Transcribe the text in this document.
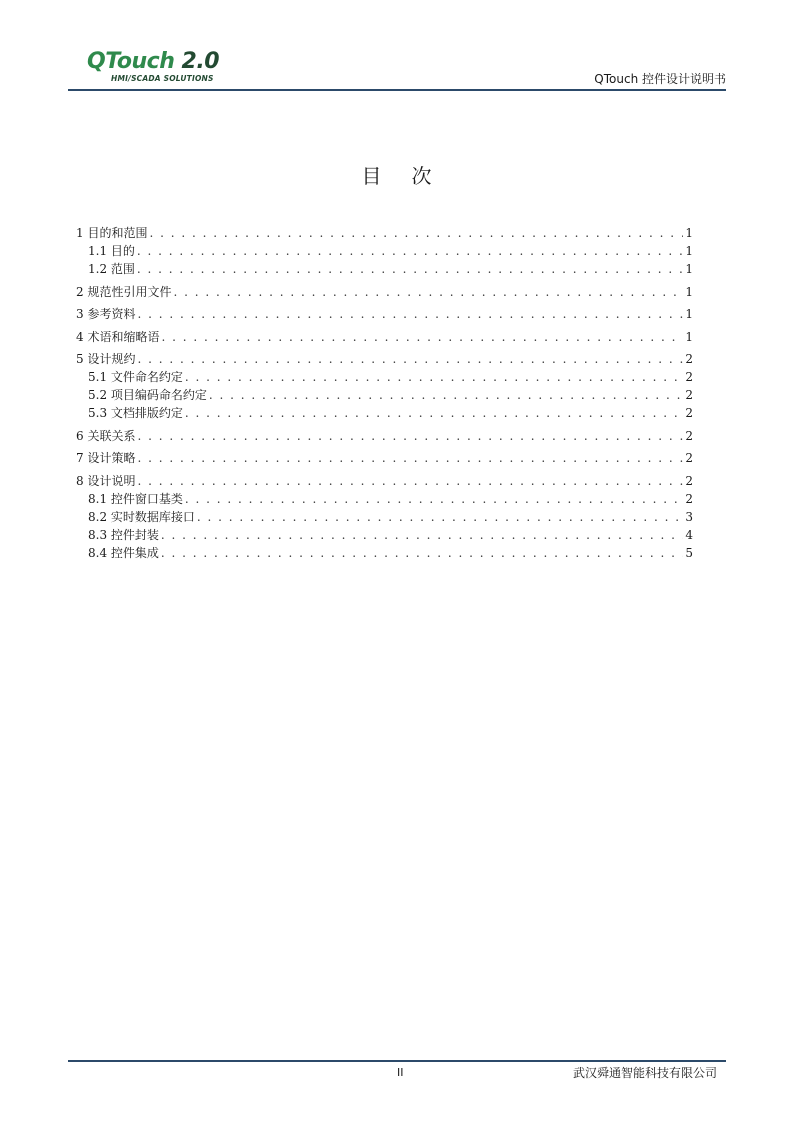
QTouch 2.0
HMI/SCADA SOLUTIONS	QTouch 控件设计说明书
目次
1 目的和范围 . . .	1
1.1 目的 . . .	1
1.2 范围 . . .	1
2 规范性引用文件 . . .	1
3 参考资料 . . .	1
4 术语和缩略语 . . .	1
5 设计规约 . . .	2
5.1 文件命名约定 . . .	2
5.2 项目编码命名约定 . . .	2
5.3 文档排版约定 . . .	2
6 关联关系 . . .	2
7 设计策略 . . .	2
8 设计说明 . . .	2
8.1 控件窗口基类 . . .	2
8.2 实时数据库接口 . . .	3
8.3 控件封装 . . .	4
8.4 控件集成 . . .	5
II	武汉舜通智能科技有限公司
